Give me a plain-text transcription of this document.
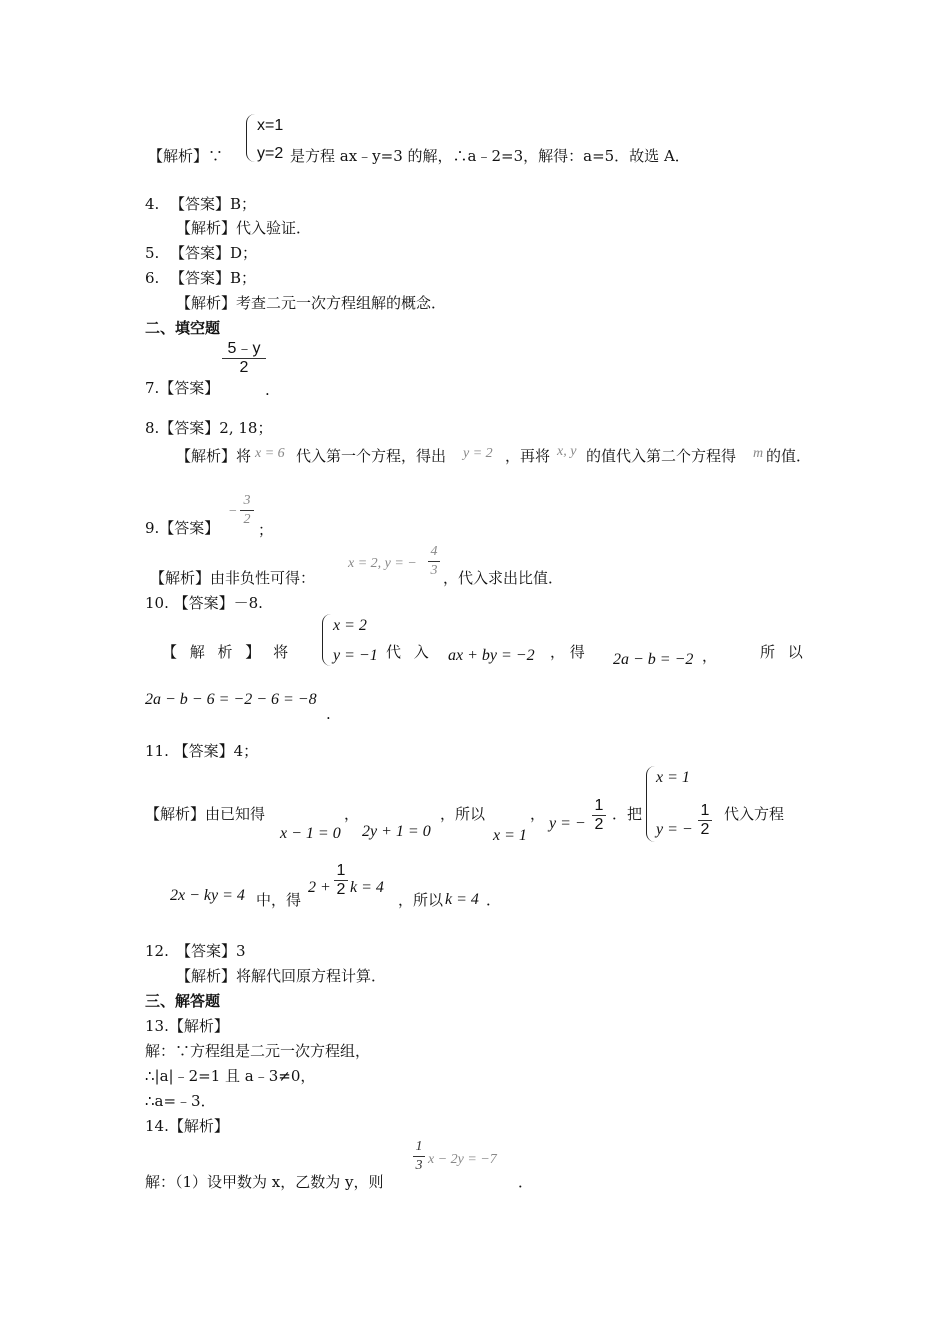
【解析】∵
x=1
y=2 是方程 ax﹣y=3 的解，∴a﹣2=3，解得：a=5．故选 A．
4. 【答案】B；
【解析】代入验证．
5. 【答案】D；
6. 【答案】B；
【解析】考查二元一次方程组解的概念．
二、填空题
7.【答案】
$\frac{5﹣y}{2}$
.
8.【答案】2, 18；
【解析】将 x = 6 代入第一个方程，得出 y = 2 ，再将 x, y 的值代入第二个方程得 m 的值．
9.【答案】
− $\frac{3}{2}$
；
【解析】由非负性可得：
x = 2, y = − $\frac{4}{3}$ ，代入求出比值．
10. 【答案】－8.
【 解 析 】 将
x = 2
y = −1 代 入 ax + by = −2 ， 得 2a − b = −2 ，	所 以
2a − b − 6 = −2 − 6 = −8
.
11. 【答案】4；
【解析】由已知得	，
x − 1 = 0 2y + 1 = 0
，所以	，
x = 1
y = − $\frac{1}{2}$ ．把
x = 1
y = − $\frac{1}{2}$ 代入方程
2x − ky = 4 中，得
$2 + \frac{1}{2}$ k = 4
，所以 k = 4 ．
12. 【答案】3
【解析】将解代回原方程计算．
三、解答题
13.【解析】
解：∵方程组是二元一次方程组，
∴|a|﹣2=1 且 a﹣3≠0，
∴a=﹣3．
14.【解析】
解：（1）设甲数为 x，乙数为 y，则
$\frac{1}{3}$ x − 2y = −7
．
